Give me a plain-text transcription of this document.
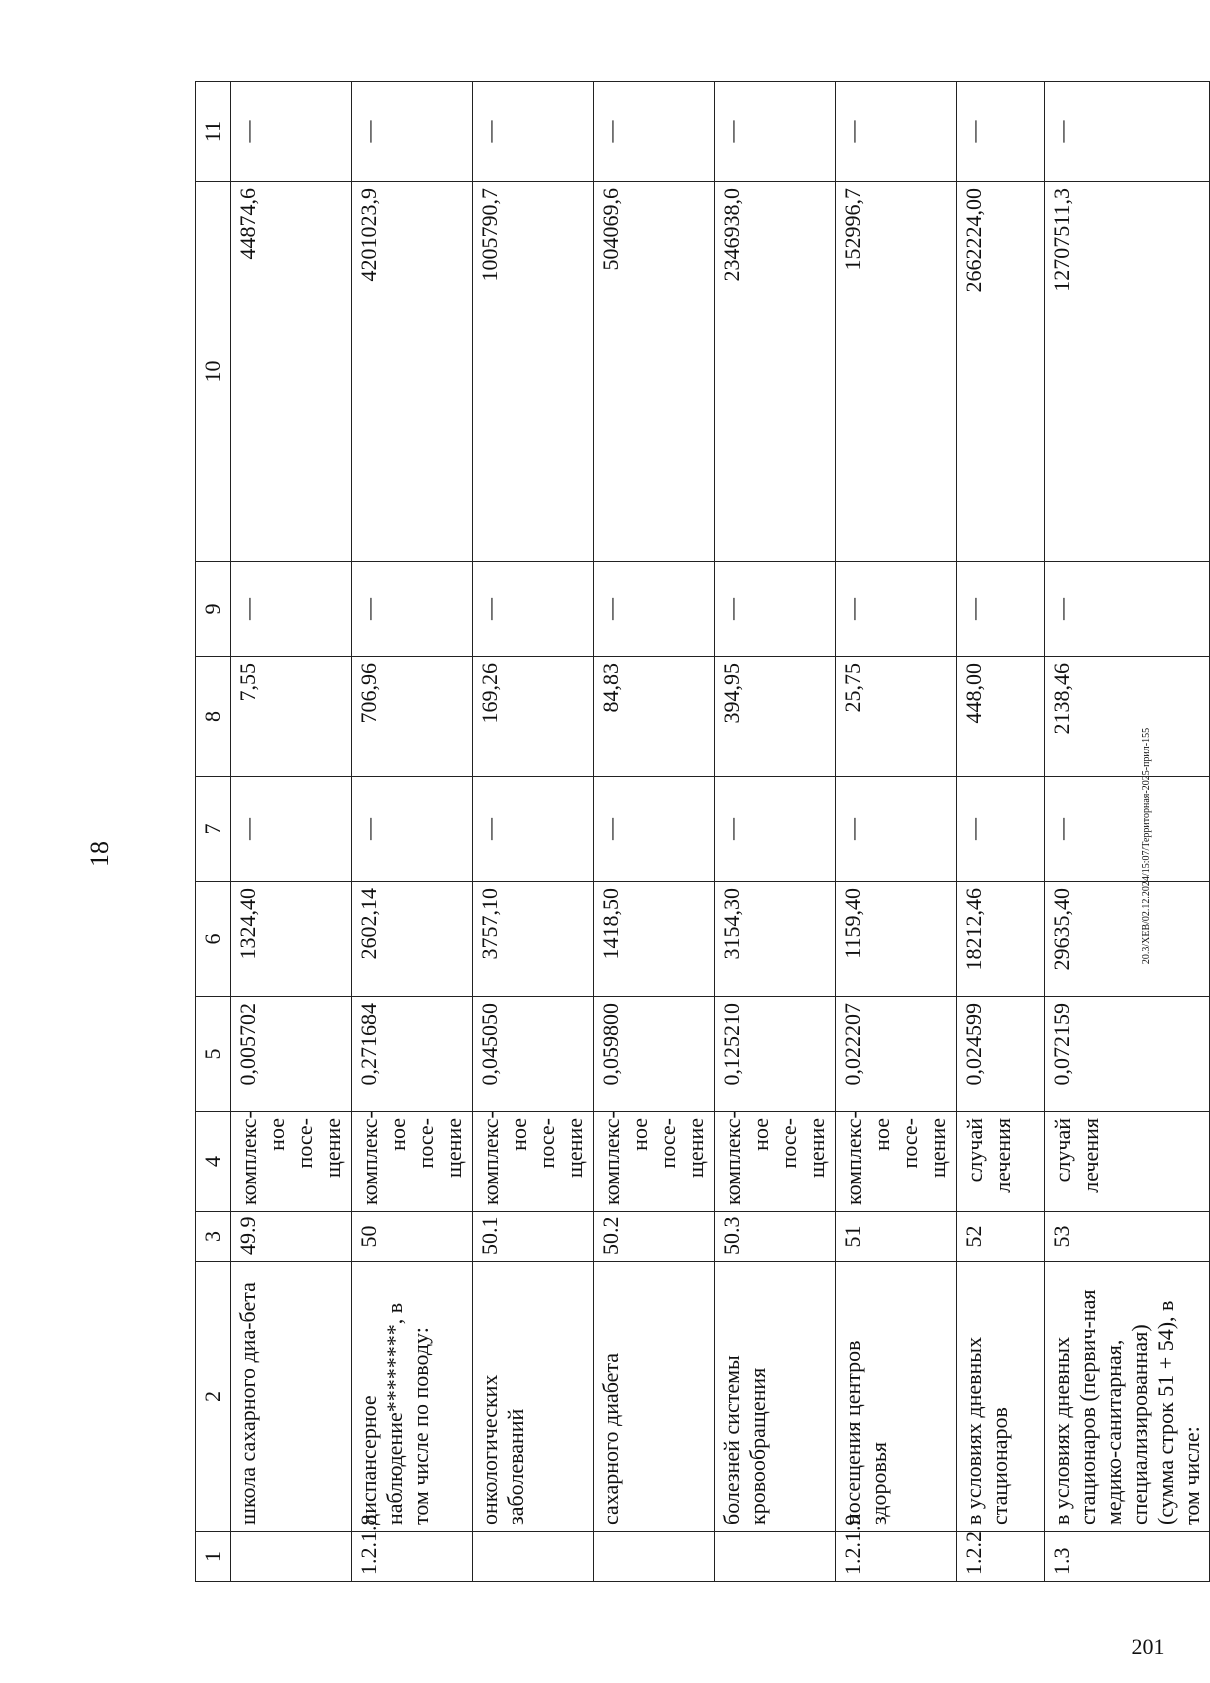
18	20.3/XEB/02.12.2024/15:07/Территорная-2025-прил-155
201
1	2	3	4	5	6	7	8	9	10	11
	школа сахарного диа-бета	49.9	комплекс-ное посе-щение	0,005702	1324,40	—	7,55	—	44874,6	—
1.2.1.8	диспансерное наблюдение********, в том числе по поводу:	50	комплекс-ное посе-щение	0,271684	2602,14	—	706,96	—	4201023,9	—
	онкологических заболеваний	50.1	комплекс-ное посе-щение	0,045050	3757,10	—	169,26	—	1005790,7	—
	сахарного диабета	50.2	комплекс-ное посе-щение	0,059800	1418,50	—	84,83	—	504069,6	—
	болезней системы кровообращения	50.3	комплекс-ное посе-щение	0,125210	3154,30	—	394,95	—	2346938,0	—
1.2.1.9	посещения центров здоровья	51	комплекс-ное посе-щение	0,022207	1159,40	—	25,75	—	152996,7	—
1.2.2	в условиях дневных стационаров	52	случай лечения	0,024599	18212,46	—	448,00	—	2662224,00	—
1.3	в условиях дневных стационаров (первич-ная медико-санитарная, специализированная) (сумма строк 51 + 54), в том числе:	53	случай лечения	0,072159	29635,40	—	2138,46	—	12707511,3	—
